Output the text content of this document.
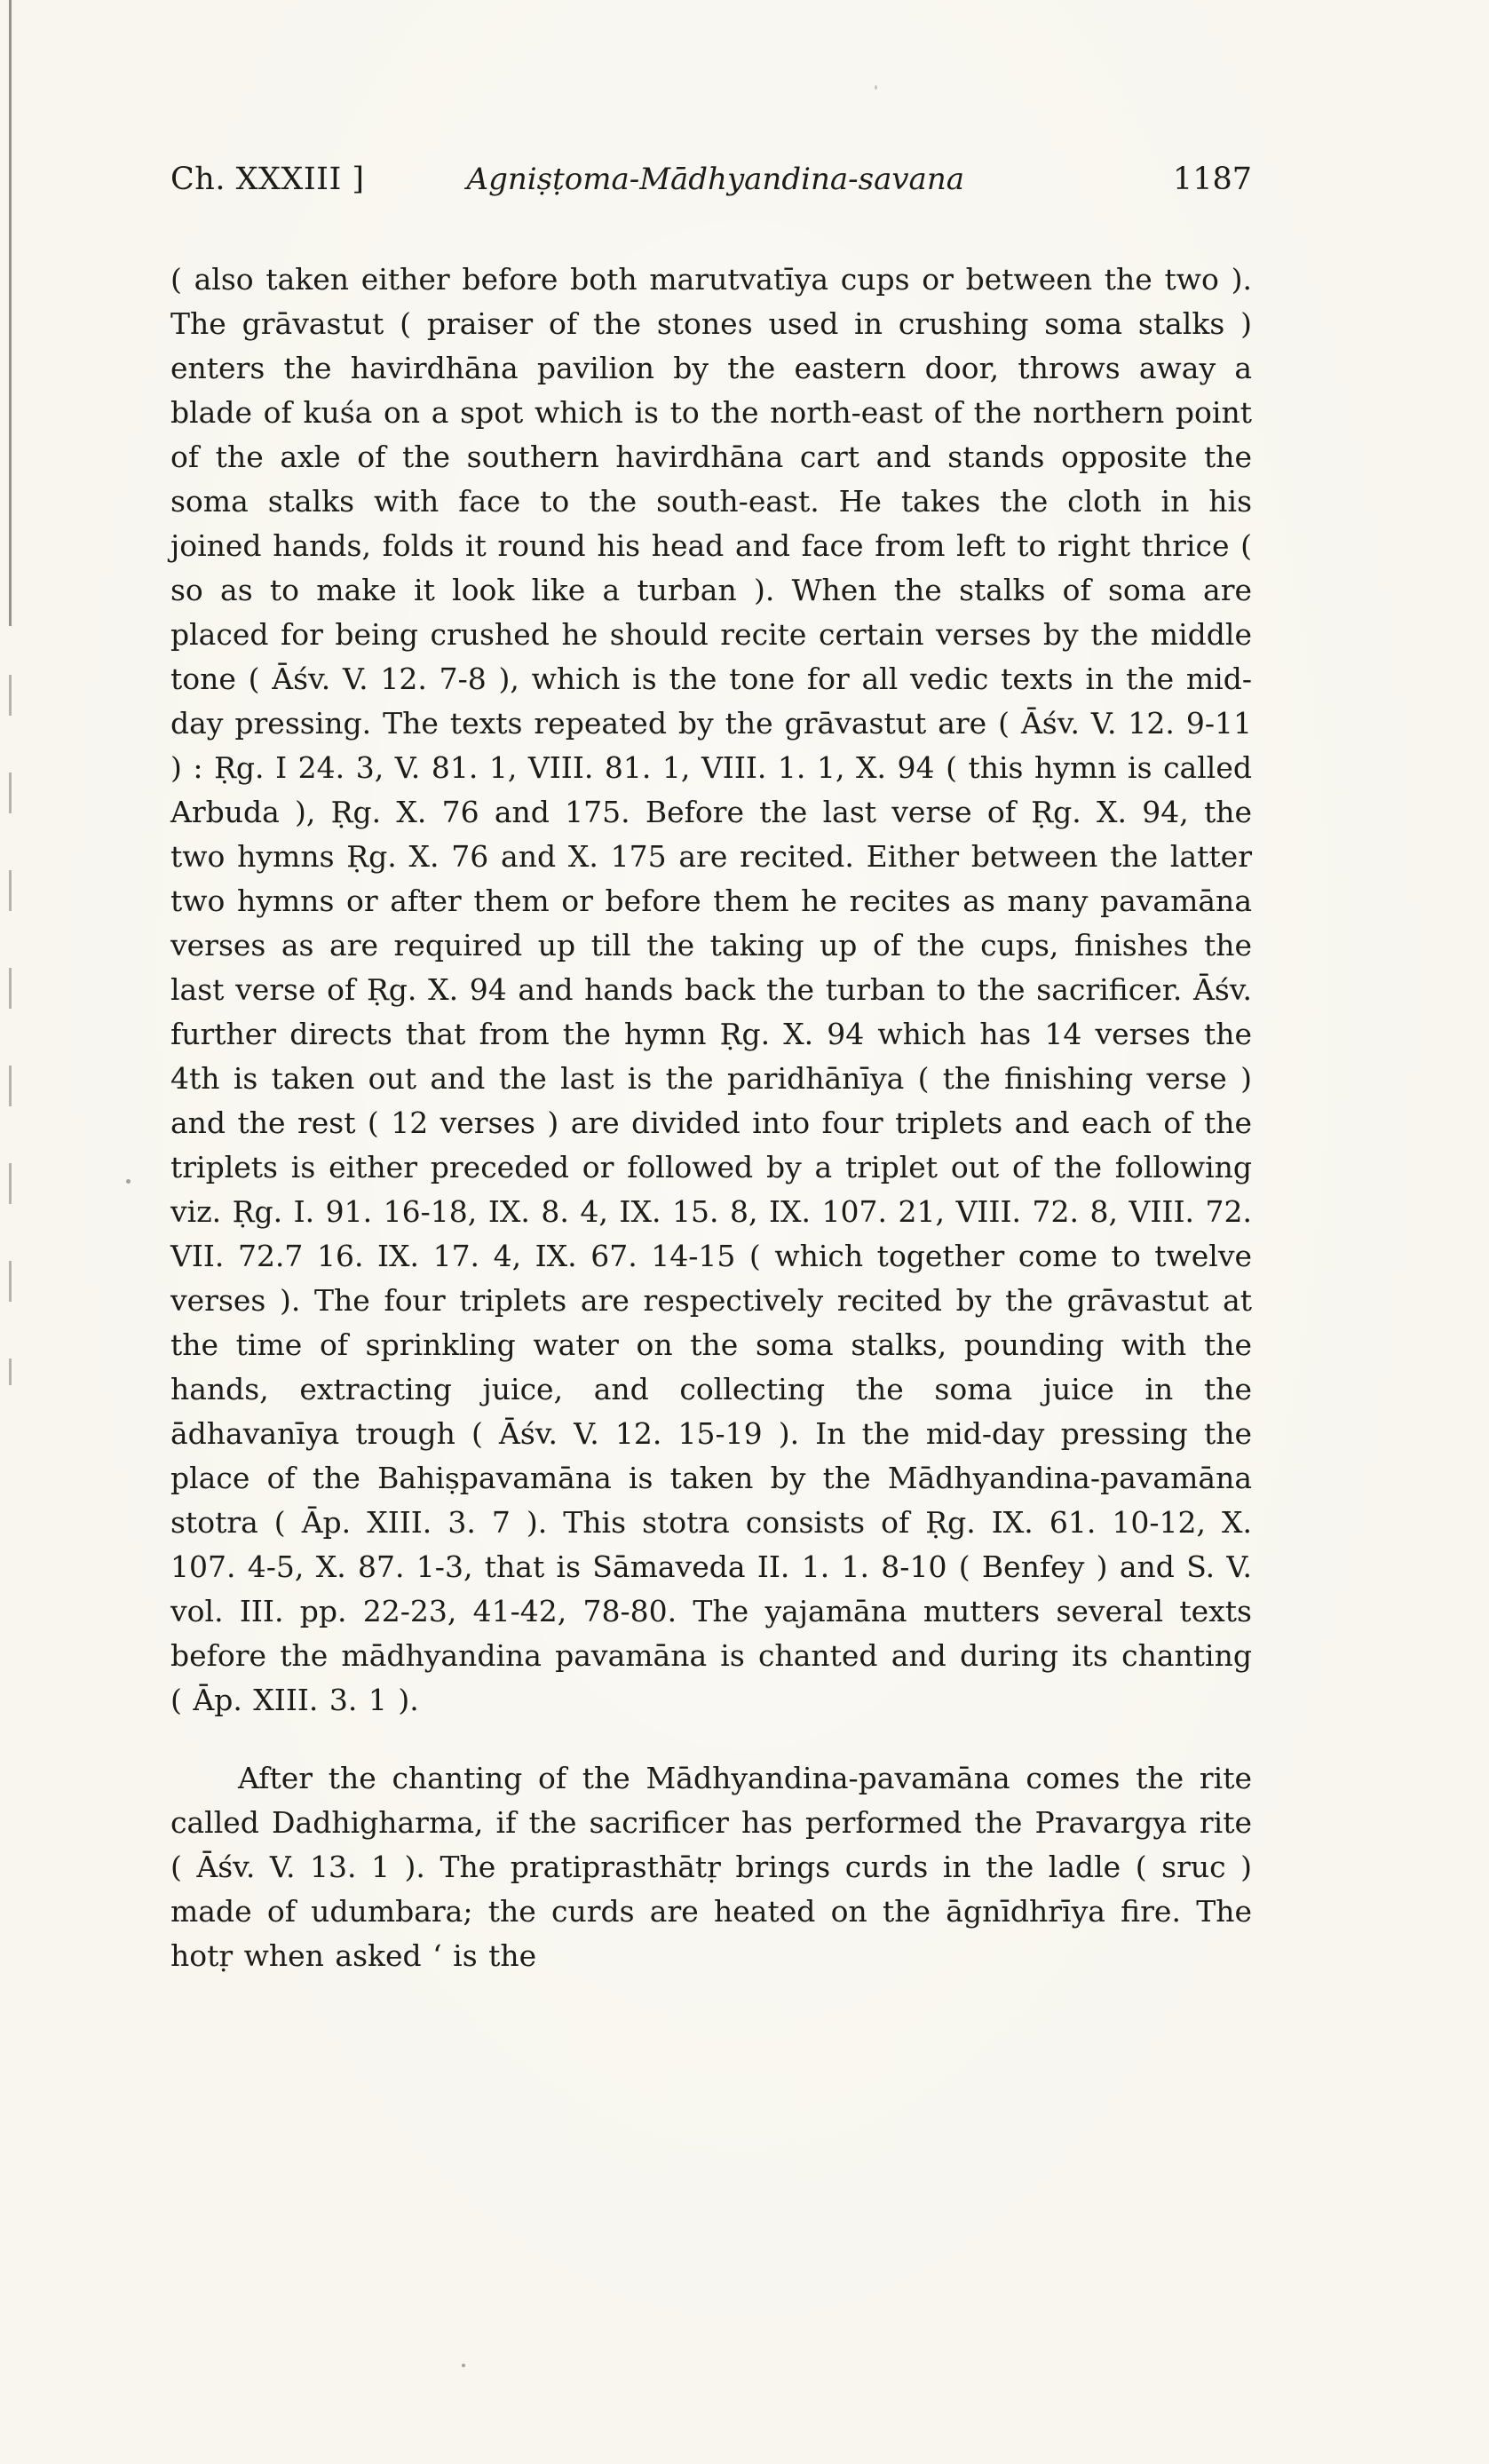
Ch. XXXIII ]	Agniṣṭoma-Mādhyandina-savana	1187

( also taken either before both marutvatīya cups or between the two ). The grāvastut ( praiser of the stones used in crushing soma stalks ) enters the havirdhāna pavilion by the eastern door, throws away a blade of kuśa on a spot which is to the north-east of the northern point of the axle of the southern havirdhāna cart and stands opposite the soma stalks with face to the south-east. He takes the cloth in his joined hands, folds it round his head and face from left to right thrice ( so as to make it look like a turban ). When the stalks of soma are placed for being crushed he should recite certain verses by the middle tone ( Āśv. V. 12. 7-8 ), which is the tone for all vedic texts in the mid-day pressing. The texts repeated by the grāvastut are ( Āśv. V. 12. 9-11 ) : Ṛg. I 24. 3, V. 81. 1, VIII. 81. 1, VIII. 1. 1, X. 94 ( this hymn is called Arbuda ), Ṛg. X. 76 and 175. Before the last verse of Ṛg. X. 94, the two hymns Ṛg. X. 76 and X. 175 are recited. Either between the latter two hymns or after them or before them he recites as many pavamāna verses as are required up till the taking up of the cups, finishes the last verse of Ṛg. X. 94 and hands back the turban to the sacrificer. Āśv. further directs that from the hymn Ṛg. X. 94 which has 14 verses the 4th is taken out and the last is the paridhānīya ( the finishing verse ) and the rest ( 12 verses ) are divided into four triplets and each of the triplets is either preceded or followed by a triplet out of the following viz. Ṛg. I. 91. 16-18, IX. 8. 4, IX. 15. 8, IX. 107. 21, VIII. 72. 8, VIII. 72. VII. 72.7 16. IX. 17. 4, IX. 67. 14-15 ( which together come to twelve verses ). The four triplets are respectively recited by the grāvastut at the time of sprinkling water on the soma stalks, pounding with the hands, extracting juice, and collecting the soma juice in the ādhavanīya trough ( Āśv. V. 12. 15-19 ). In the mid-day pressing the place of the Bahiṣpavamāna is taken by the Mādhyandina-pavamāna stotra ( Āp. XIII. 3. 7 ). This stotra consists of Ṛg. IX. 61. 10-12, X. 107. 4-5, X. 87. 1-3, that is Sāmaveda II. 1. 1. 8-10 ( Benfey ) and S. V. vol. III. pp. 22-23, 41-42, 78-80. The yajamāna mutters several texts before the mādhyandina pavamāna is chanted and during its chanting ( Āp. XIII. 3. 1 ).

After the chanting of the Mādhyandina-pavamāna comes the rite called Dadhigharma, if the sacrificer has performed the Pravargya rite ( Āśv. V. 13. 1 ). The pratiprasthātṛ brings curds in the ladle ( sruc ) made of udumbara; the curds are heated on the āgnīdhrīya fire. The hotṛ when asked ‘ is the
